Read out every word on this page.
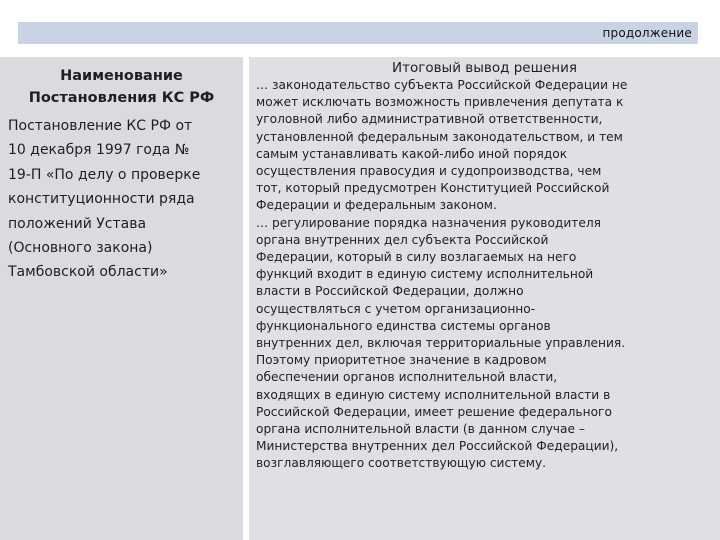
продолжение
Наименование
Постановления КС РФ
Постановление КС РФ от
10 декабря 1997 года №
19‑П «По делу о проверке
конституционности ряда
положений Устава
(Основного закона)
Тамбовской области»
Итоговый вывод решения

… законодательство субъекта Российской Федерации не
может исключать возможность привлечения депутата к
уголовной либо административной ответственности,
установленной федеральным законодательством, и тем
самым устанавливать какой-либо иной порядок
осуществления правосудия и судопроизводства, чем
тот, который предусмотрен Конституцией Российской
Федерации и федеральным законом.

… регулирование порядка назначения руководителя
органа внутренних дел субъекта Российской
Федерации, который в силу возлагаемых на него
функций входит в единую систему исполнительной
власти в Российской Федерации, должно
осуществляться с учетом организационно-
функционального единства системы органов
внутренних дел, включая территориальные управления.
Поэтому приоритетное значение в кадровом
обеспечении органов исполнительной власти,
входящих в единую систему исполнительной власти в
Российской Федерации, имеет решение федерального
органа исполнительной власти (в данном случае –
Министерства внутренних дел Российской Федерации),
возглавляющего соответствующую систему.
